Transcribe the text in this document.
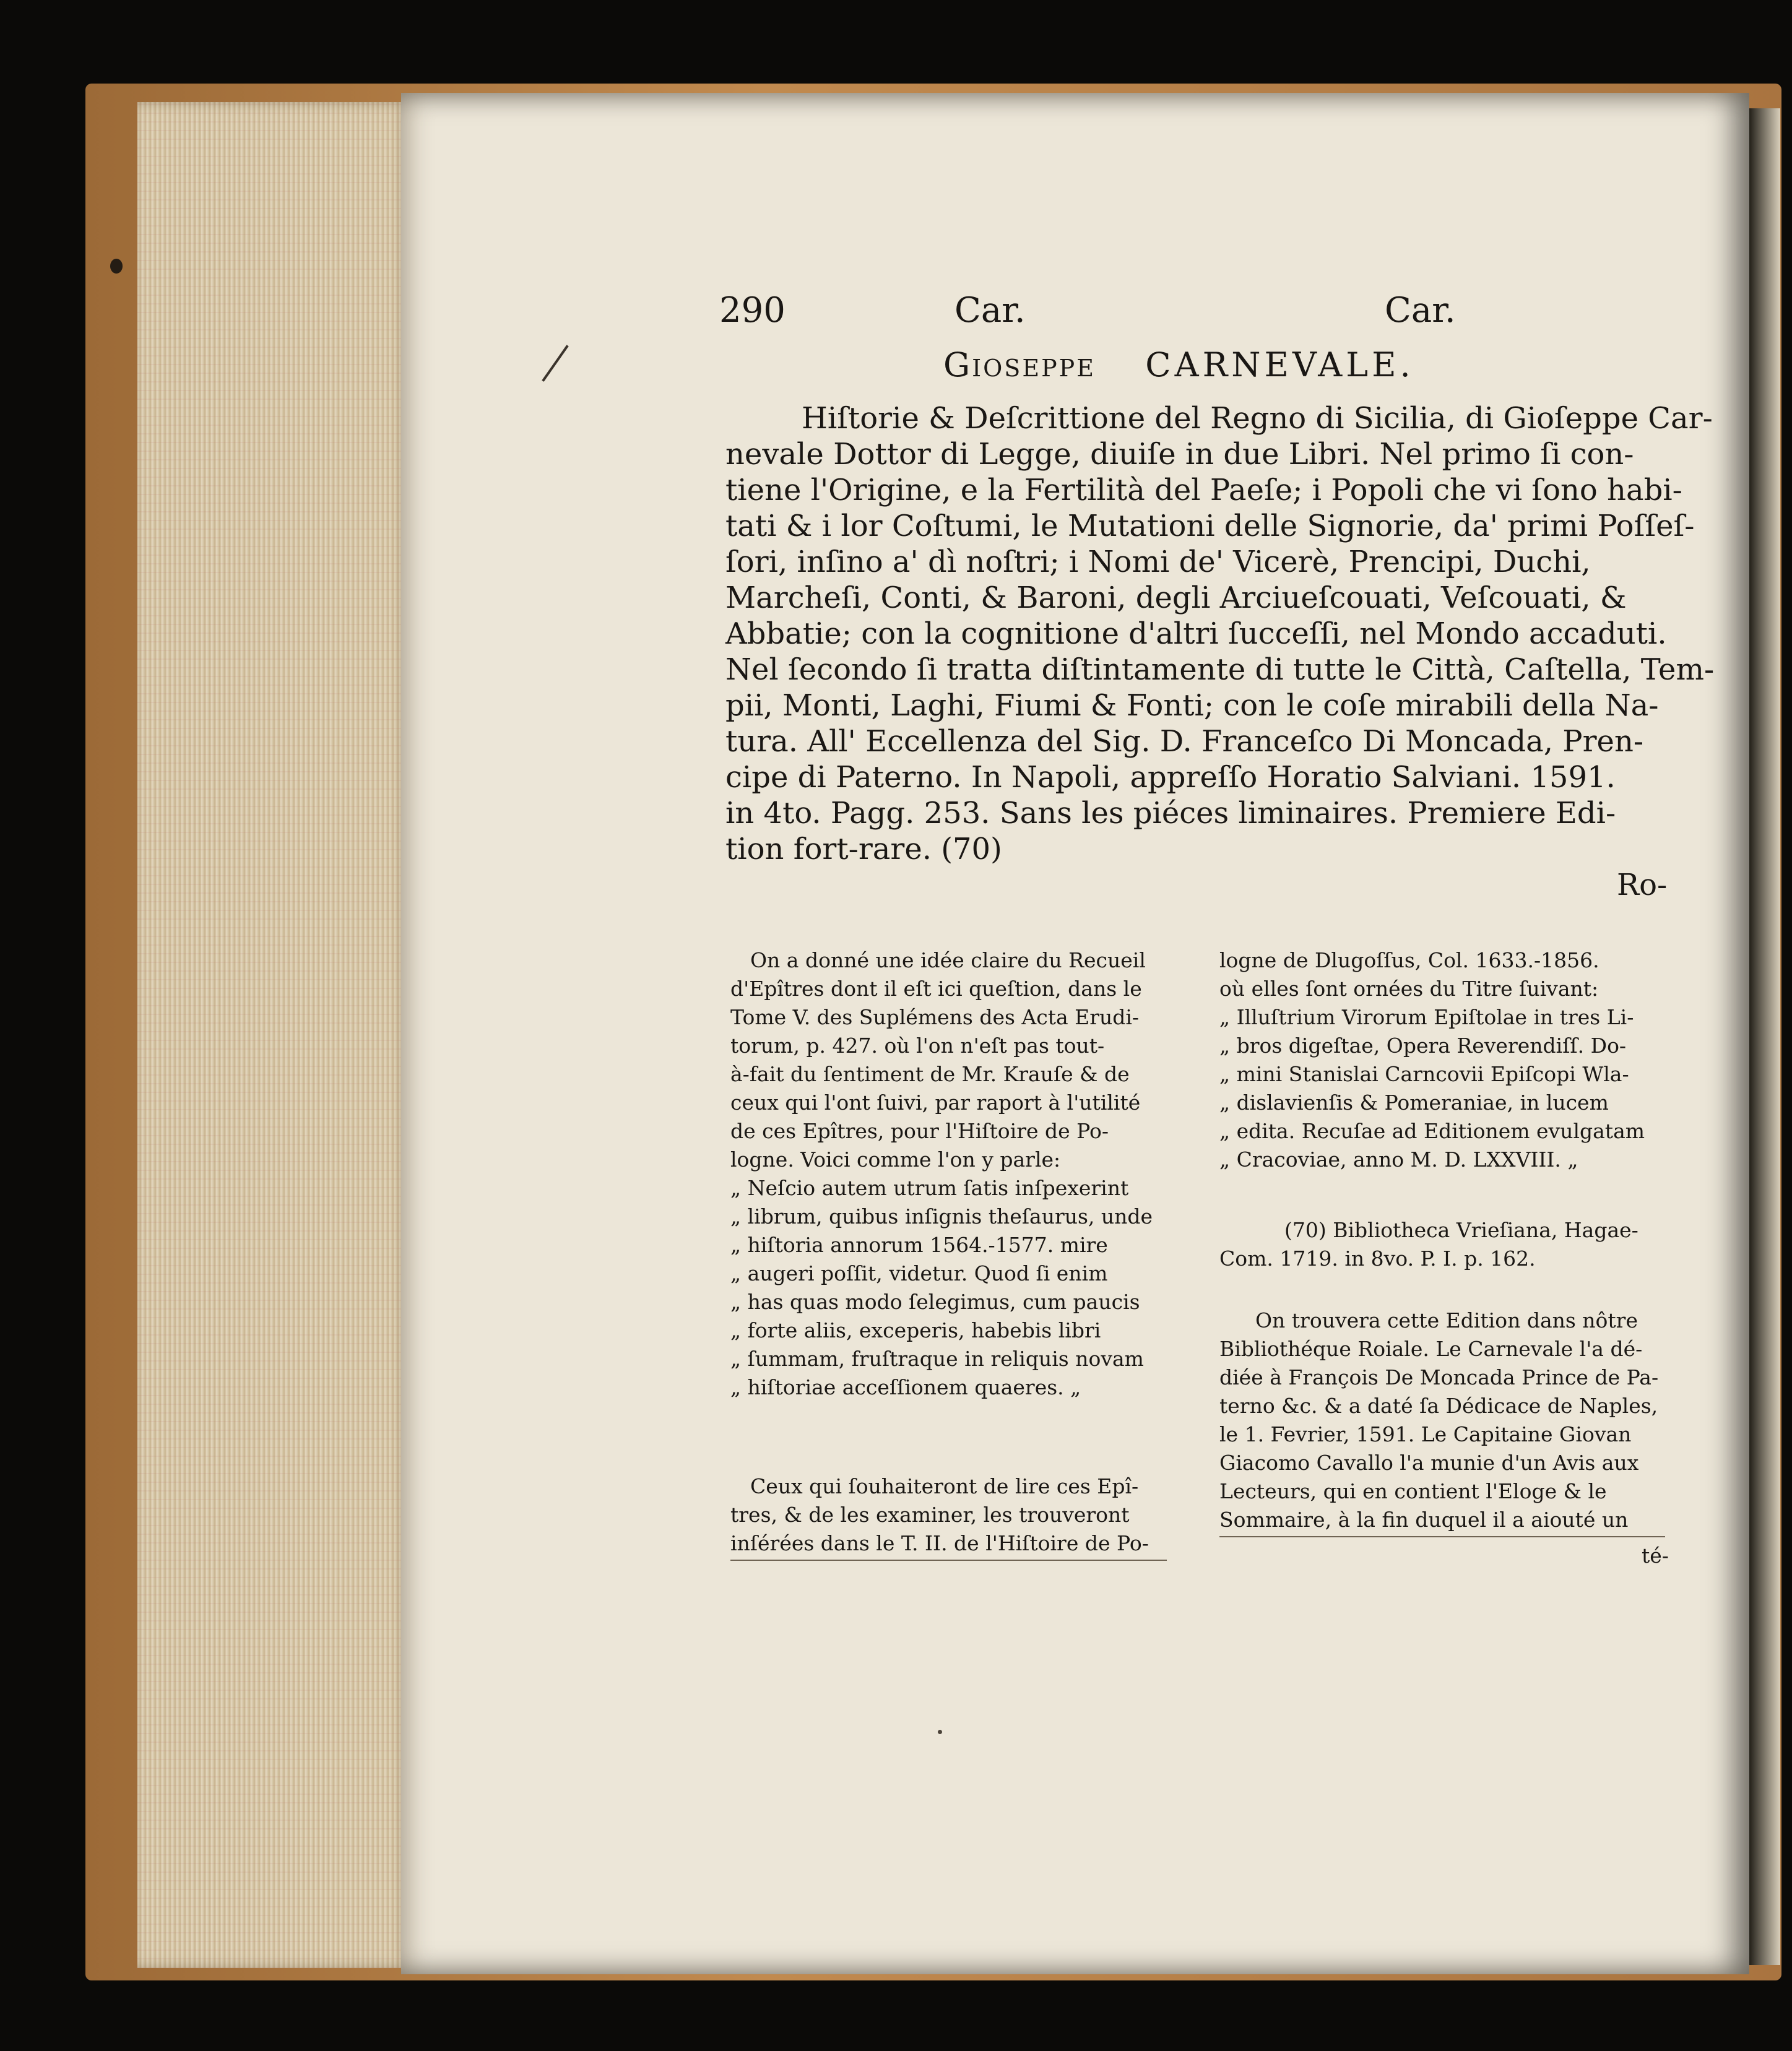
290	Car.	Car.
Gioseppe CARNEVALE.
Hiſtorie & Deſcrittione del Regno di Sicilia, di Gioſeppe Car-
nevale Dottor di Legge, diuiſe in due Libri. Nel primo ſi con-
tiene l'Origine, e la Fertilità del Paeſe; i Popoli che vi ſono habi-
tati & i lor Coſtumi, le Mutationi delle Signorie, da' primi Poſſeſ-
ſori, inſino a' dì noſtri; i Nomi de' Vicerè, Prencipi, Duchi,
Marcheſi, Conti, & Baroni, degli Arciueſcouati, Veſcouati, &
Abbatie; con la cognitione d'altri ſucceſſi, nel Mondo accaduti.
Nel ſecondo ſi tratta diſtintamente di tutte le Città, Caſtella, Tem-
pii, Monti, Laghi, Fiumi & Fonti; con le coſe mirabili della Na-
tura. All' Eccellenza del Sig. D. Franceſco Di Moncada, Pren-
cipe di Paterno. In Napoli, appreſſo Horatio Salviani. 1591.
in 4to. Pagg. 253. Sans les piéces liminaires. Premiere Edi-
tion fort-rare. (70)
Ro-
On a donné une idée claire du Recueil
d'Epîtres dont il eſt ici queſtion, dans le
Tome V. des Suplémens des Acta Erudi-
torum, p. 427. où l'on n'eſt pas tout-
à-fait du ſentiment de Mr. Krauſe & de
ceux qui l'ont ſuivi, par raport à l'utilité
de ces Epîtres, pour l'Hiſtoire de Po-
logne. Voici comme l'on y parle:
„ Neſcio autem utrum ſatis inſpexerint
„ librum, quibus inſignis theſaurus, unde
„ hiſtoria annorum 1564.-1577. mire
„ augeri poſſit, videtur. Quod ſi enim
„ has quas modo ſelegimus, cum paucis
„ forte aliis, exceperis, habebis libri
„ ſummam, fruſtraque in reliquis novam
„ hiſtoriae acceſſionem quaeres. „
Ceux qui ſouhaiteront de lire ces Epî-
tres, & de les examiner, les trouveront
inſérées dans le T. II. de l'Hiſtoire de Po-
logne de Dlugoſſus, Col. 1633.-1856.
où elles ſont ornées du Titre ſuivant:
„ Illuſtrium Virorum Epiſtolae in tres Li-
„ bros digeſtae, Opera Reverendiſſ. Do-
„ mini Stanislai Carncovii Epiſcopi Wla-
„ dislavienſis & Pomeraniae, in lucem
„ edita. Recuſae ad Editionem evulgatam
„ Cracoviae, anno M. D. LXXVIII. „
(70) Bibliotheca Vrieſiana, Hagae-
Com. 1719. in 8vo. P. I. p. 162.
On trouvera cette Edition dans nôtre
Bibliothéque Roiale. Le Carnevale l'a dé-
diée à François De Moncada Prince de Pa-
terno &c. & a daté ſa Dédicace de Naples,
le 1. Fevrier, 1591. Le Capitaine Giovan
Giacomo Cavallo l'a munie d'un Avis aux
Lecteurs, qui en contient l'Eloge & le
Sommaire, à la fin duquel il a aiouté un
té-
